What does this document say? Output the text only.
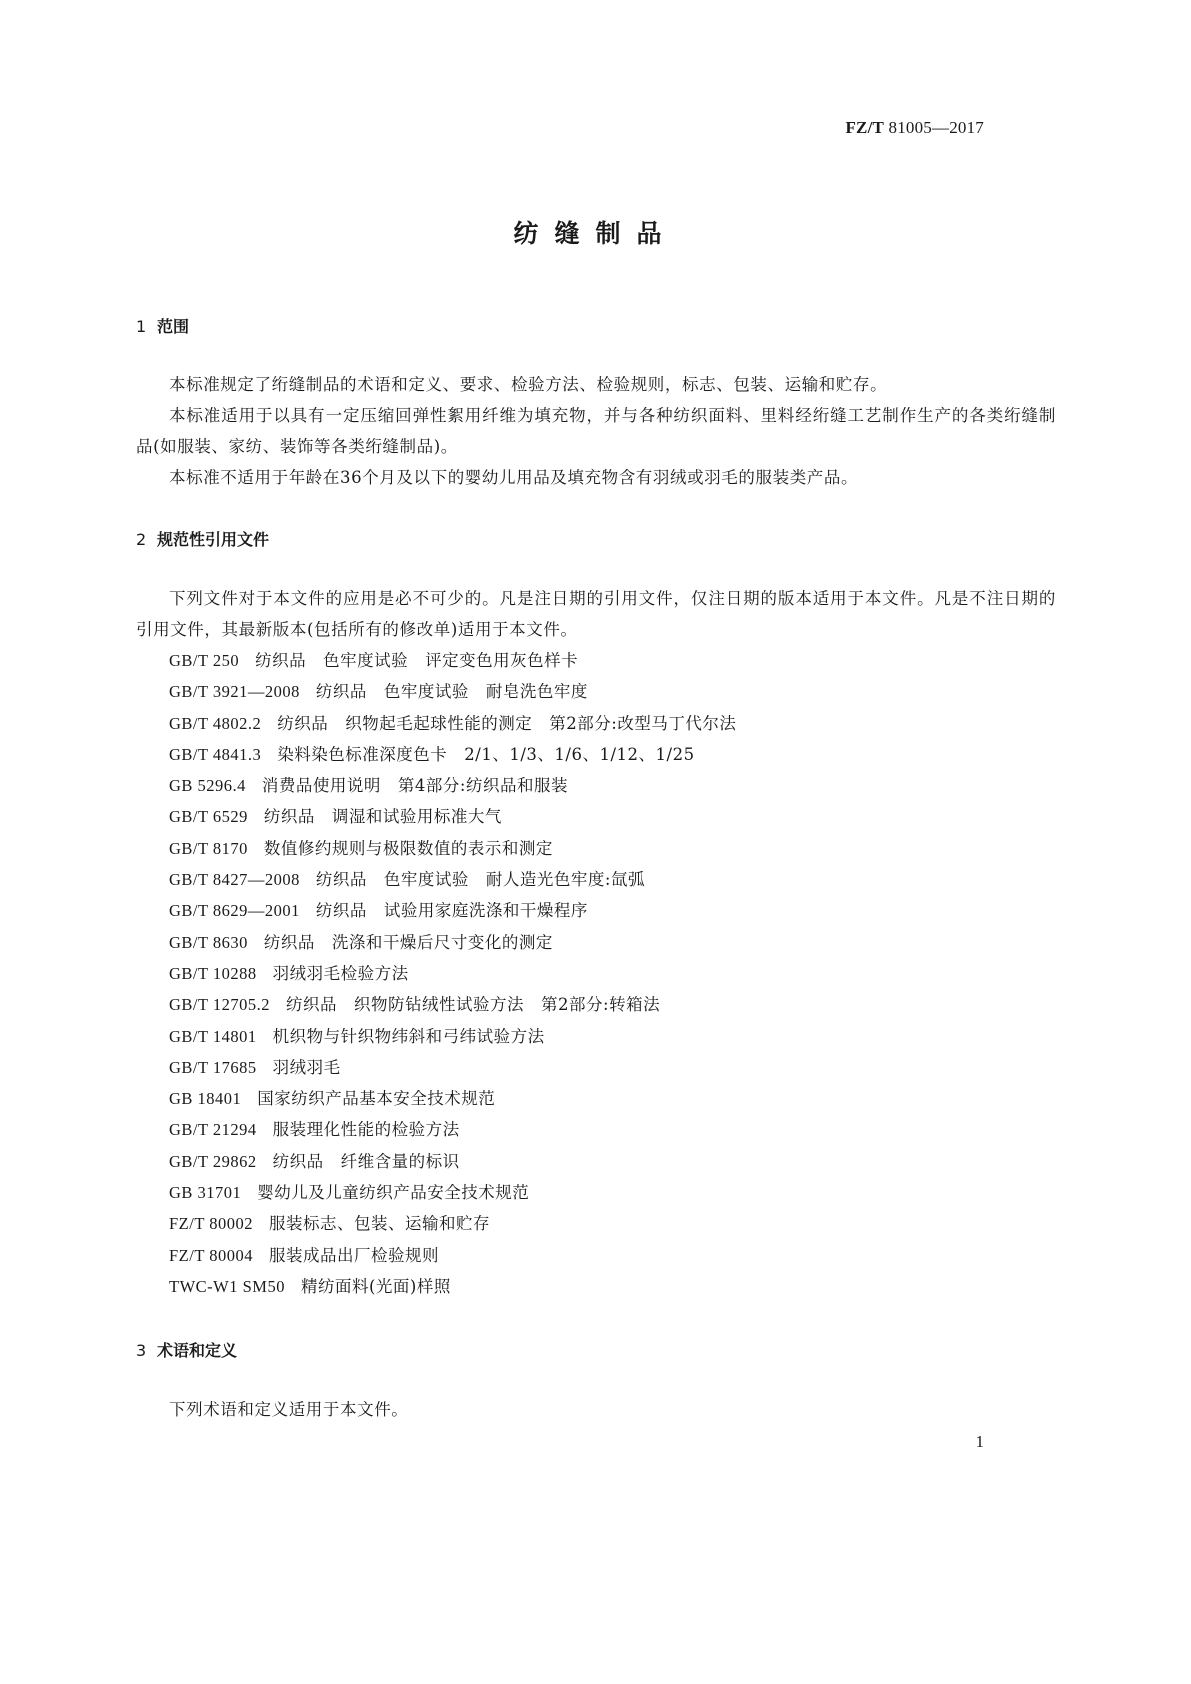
FZ/T 81005—2017
纺缝制品
1 范围

本标准规定了绗缝制品的术语和定义、要求、检验方法、检验规则，标志、包装、运输和贮存。

本标准适用于以具有一定压缩回弹性絮用纤维为填充物，并与各种纺织面料、里料经绗缝工艺制作生产的各类绗缝制品(如服装、家纺、装饰等各类绗缝制品)。

本标准不适用于年龄在36个月及以下的婴幼儿用品及填充物含有羽绒或羽毛的服装类产品。

2 规范性引用文件

下列文件对于本文件的应用是必不可少的。凡是注日期的引用文件，仅注日期的版本适用于本文件。凡是不注日期的引用文件，其最新版本(包括所有的修改单)适用于本文件。

GB/T 250 纺织品　色牢度试验　评定变色用灰色样卡
GB/T 3921—2008 纺织品　色牢度试验　耐皂洗色牢度
GB/T 4802.2 纺织品　织物起毛起球性能的测定　第2部分:改型马丁代尔法
GB/T 4841.3 染料染色标准深度色卡　2/1、1/3、1/6、1/12、1/25
GB 5296.4 消费品使用说明　第4部分:纺织品和服装
GB/T 6529 纺织品　调湿和试验用标准大气
GB/T 8170 数值修约规则与极限数值的表示和测定
GB/T 8427—2008 纺织品　色牢度试验　耐人造光色牢度:氙弧
GB/T 8629—2001 纺织品　试验用家庭洗涤和干燥程序
GB/T 8630 纺织品　洗涤和干燥后尺寸变化的测定
GB/T 10288 羽绒羽毛检验方法
GB/T 12705.2 纺织品　织物防钻绒性试验方法　第2部分:转箱法
GB/T 14801 机织物与针织物纬斜和弓纬试验方法
GB/T 17685 羽绒羽毛
GB 18401 国家纺织产品基本安全技术规范
GB/T 21294 服装理化性能的检验方法
GB/T 29862 纺织品　纤维含量的标识
GB 31701 婴幼儿及儿童纺织产品安全技术规范
FZ/T 80002 服装标志、包装、运输和贮存
FZ/T 80004 服装成品出厂检验规则
TWC-W1 SM50 精纺面料(光面)样照
3 术语和定义

下列术语和定义适用于本文件。

1
